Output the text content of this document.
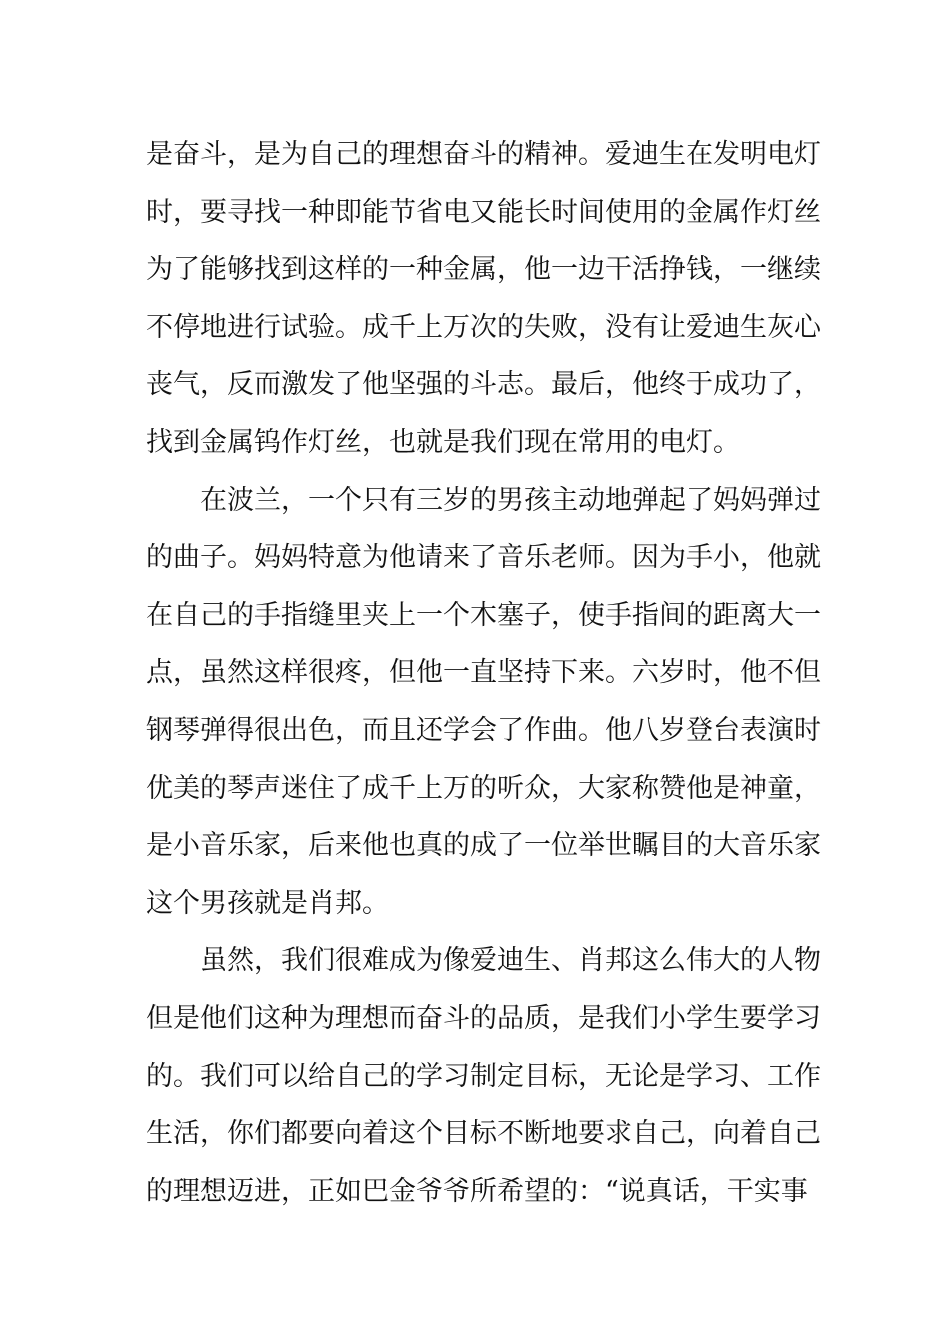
是奋斗，是为自己的理想奋斗的精神。爱迪生在发明电灯
时，要寻找一种即能节省电又能长时间使用的金属作灯丝
为了能够找到这样的一种金属，他一边干活挣钱，一继续
不停地进行试验。成千上万次的失败，没有让爱迪生灰心
丧气，反而激发了他坚强的斗志。最后，他终于成功了，
找到金属钨作灯丝，也就是我们现在常用的电灯。
在波兰，一个只有三岁的男孩主动地弹起了妈妈弹过
的曲子。妈妈特意为他请来了音乐老师。因为手小，他就
在自己的手指缝里夹上一个木塞子，使手指间的距离大一
点，虽然这样很疼，但他一直坚持下来。六岁时，他不但
钢琴弹得很出色，而且还学会了作曲。他八岁登台表演时
优美的琴声迷住了成千上万的听众，大家称赞他是神童，
是小音乐家，后来他也真的成了一位举世瞩目的大音乐家
这个男孩就是肖邦。
虽然，我们很难成为像爱迪生、肖邦这么伟大的人物
但是他们这种为理想而奋斗的品质，是我们小学生要学习
的。我们可以给自己的学习制定目标，无论是学习、工作
生活，你们都要向着这个目标不断地要求自己，向着自己
的理想迈进，正如巴金爷爷所希望的：“说真话，干实事
